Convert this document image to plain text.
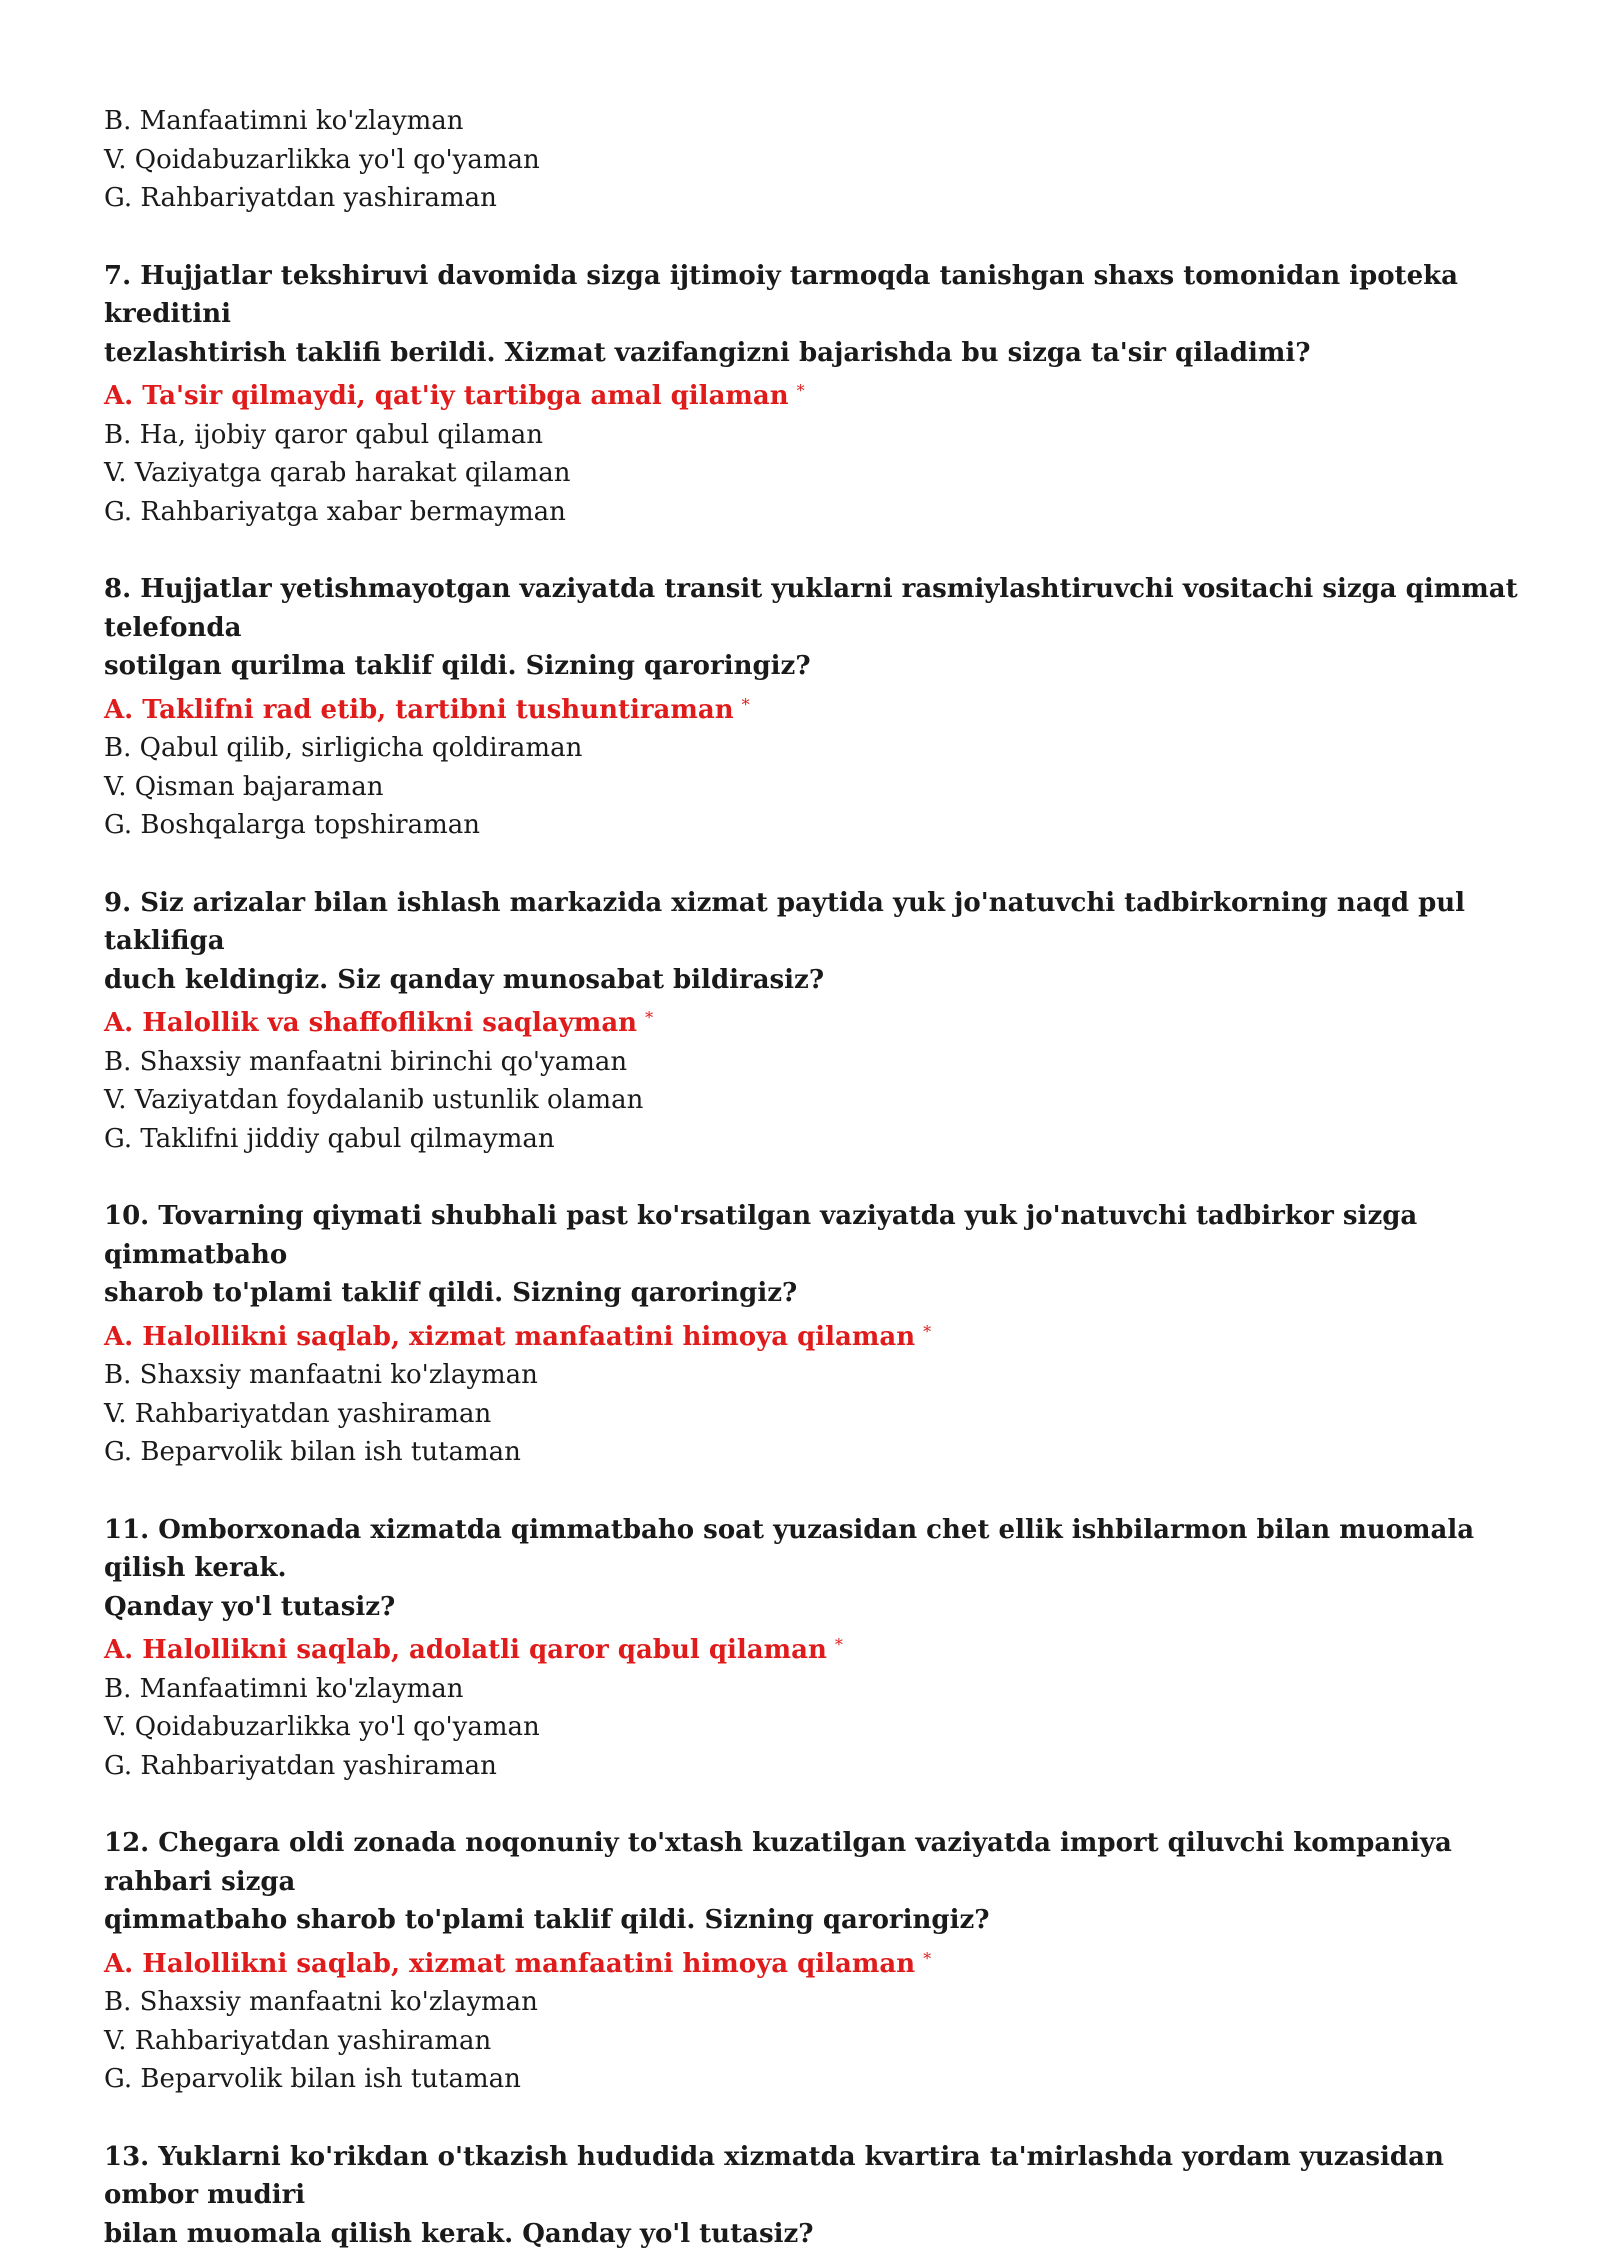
B. Manfaatimni ko'zlayman

V. Qoidabuzarlikka yo'l qo'yaman

G. Rahbariyatdan yashiraman

7. Hujjatlar tekshiruvi davomida sizga ijtimoiy tarmoqda tanishgan shaxs tomonidan ipoteka kreditini
tezlashtirish taklifi berildi. Xizmat vazifangizni bajarishda bu sizga ta'sir qiladimi?

A. Ta'sir qilmaydi, qat'iy tartibga amal qilaman *

B. Ha, ijobiy qaror qabul qilaman

V. Vaziyatga qarab harakat qilaman

G. Rahbariyatga xabar bermayman

8. Hujjatlar yetishmayotgan vaziyatda transit yuklarni rasmiylashtiruvchi vositachi sizga qimmat telefonda
sotilgan qurilma taklif qildi. Sizning qaroringiz?

A. Taklifni rad etib, tartibni tushuntiraman *

B. Qabul qilib, sirligicha qoldiraman

V. Qisman bajaraman

G. Boshqalarga topshiraman

9. Siz arizalar bilan ishlash markazida xizmat paytida yuk jo'natuvchi tadbirkorning naqd pul taklifiga
duch keldingiz. Siz qanday munosabat bildirasiz?

A. Halollik va shaffoflikni saqlayman *

B. Shaxsiy manfaatni birinchi qo'yaman

V. Vaziyatdan foydalanib ustunlik olaman

G. Taklifni jiddiy qabul qilmayman

10. Tovarning qiymati shubhali past ko'rsatilgan vaziyatda yuk jo'natuvchi tadbirkor sizga qimmatbaho
sharob to'plami taklif qildi. Sizning qaroringiz?

A. Halollikni saqlab, xizmat manfaatini himoya qilaman *

B. Shaxsiy manfaatni ko'zlayman

V. Rahbariyatdan yashiraman

G. Beparvolik bilan ish tutaman

11. Omborxonada xizmatda qimmatbaho soat yuzasidan chet ellik ishbilarmon bilan muomala qilish kerak.
Qanday yo'l tutasiz?

A. Halollikni saqlab, adolatli qaror qabul qilaman *

B. Manfaatimni ko'zlayman

V. Qoidabuzarlikka yo'l qo'yaman

G. Rahbariyatdan yashiraman

12. Chegara oldi zonada noqonuniy to'xtash kuzatilgan vaziyatda import qiluvchi kompaniya rahbari sizga
qimmatbaho sharob to'plami taklif qildi. Sizning qaroringiz?

A. Halollikni saqlab, xizmat manfaatini himoya qilaman *

B. Shaxsiy manfaatni ko'zlayman

V. Rahbariyatdan yashiraman

G. Beparvolik bilan ish tutaman

13. Yuklarni ko'rikdan o'tkazish hududida xizmatda kvartira ta'mirlashda yordam yuzasidan ombor mudiri
bilan muomala qilish kerak. Qanday yo'l tutasiz?
